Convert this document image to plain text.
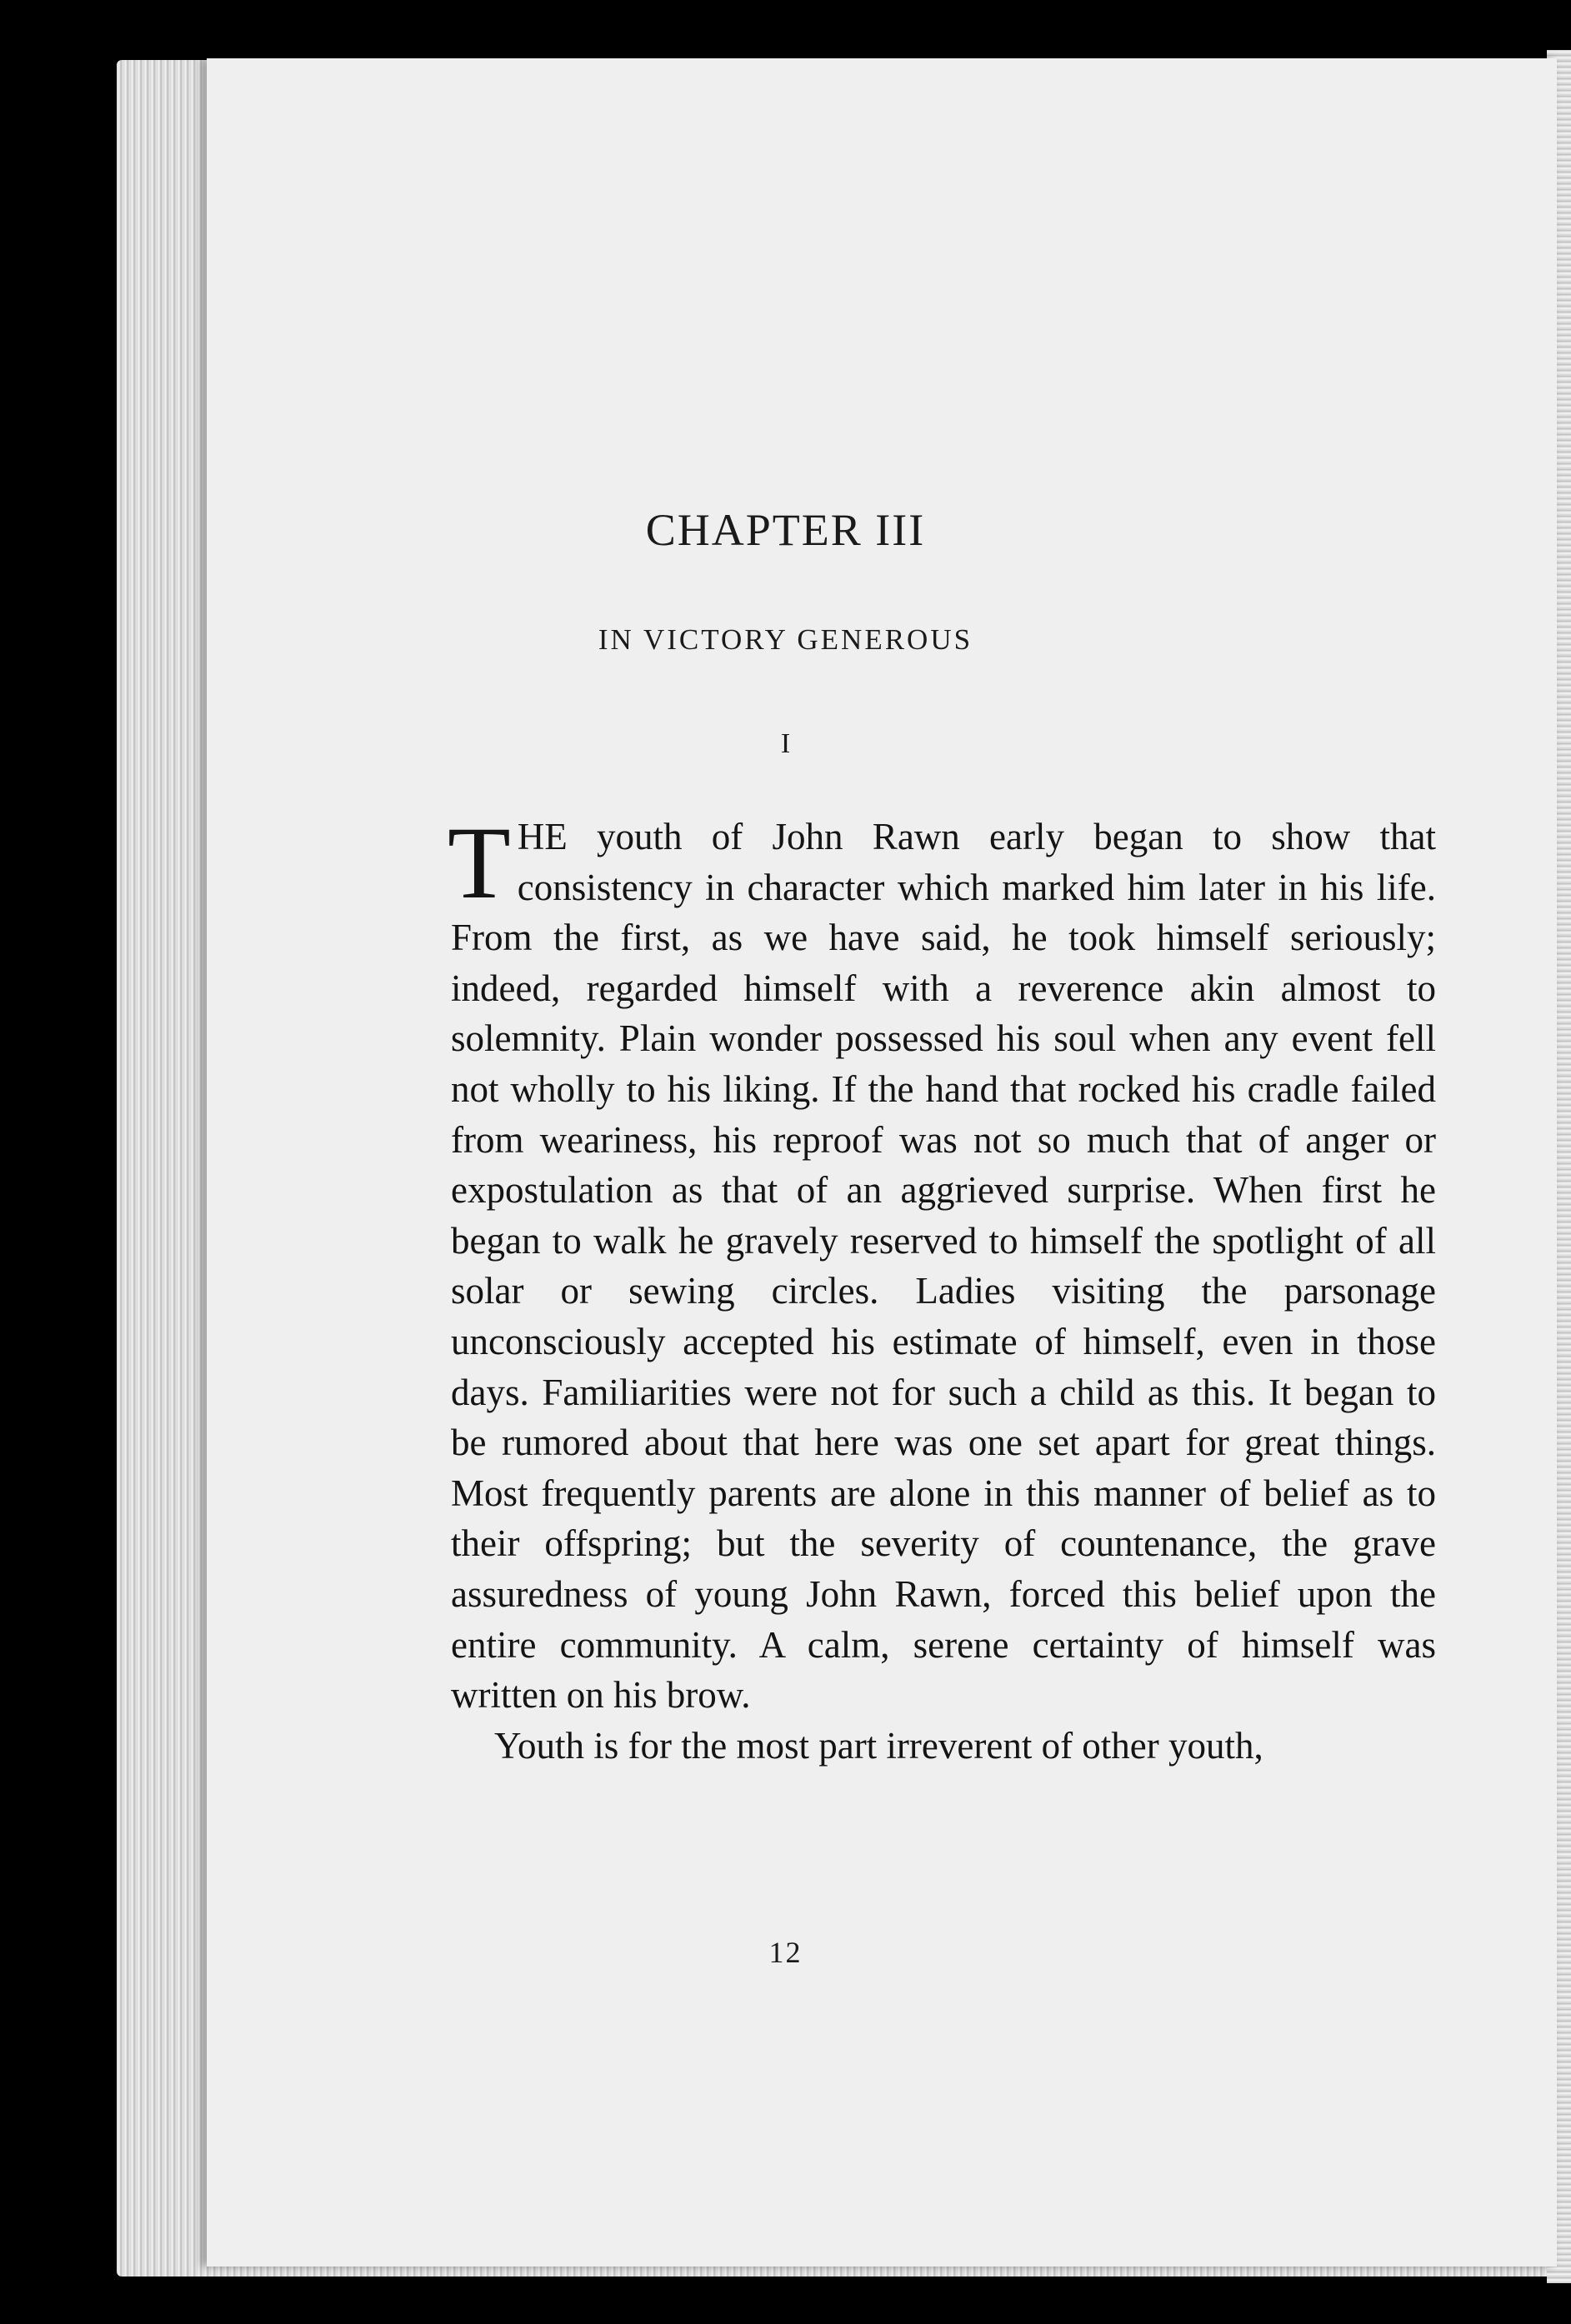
CHAPTER III
IN VICTORY GENEROUS
I

THE youth of John Rawn early began to show that consistency in character which marked him later in his life. From the first, as we have said, he took himself seriously; indeed, regarded himself with a reverence akin almost to solemnity. Plain wonder possessed his soul when any event fell not wholly to his liking. If the hand that rocked his cradle failed from weariness, his reproof was not so much that of anger or expostulation as that of an aggrieved surprise. When first he began to walk he gravely reserved to himself the spotlight of all solar or sewing circles. Ladies visiting the parsonage unconsciously accepted his estimate of himself, even in those days. Familiarities were not for such a child as this. It began to be rumored about that here was one set apart for great things. Most frequently parents are alone in this manner of belief as to their offspring; but the severity of countenance, the grave assuredness of young John Rawn, forced this belief upon the entire community. A calm, serene certainty of himself was written on his brow.

Youth is for the most part irreverent of other youth,

12
